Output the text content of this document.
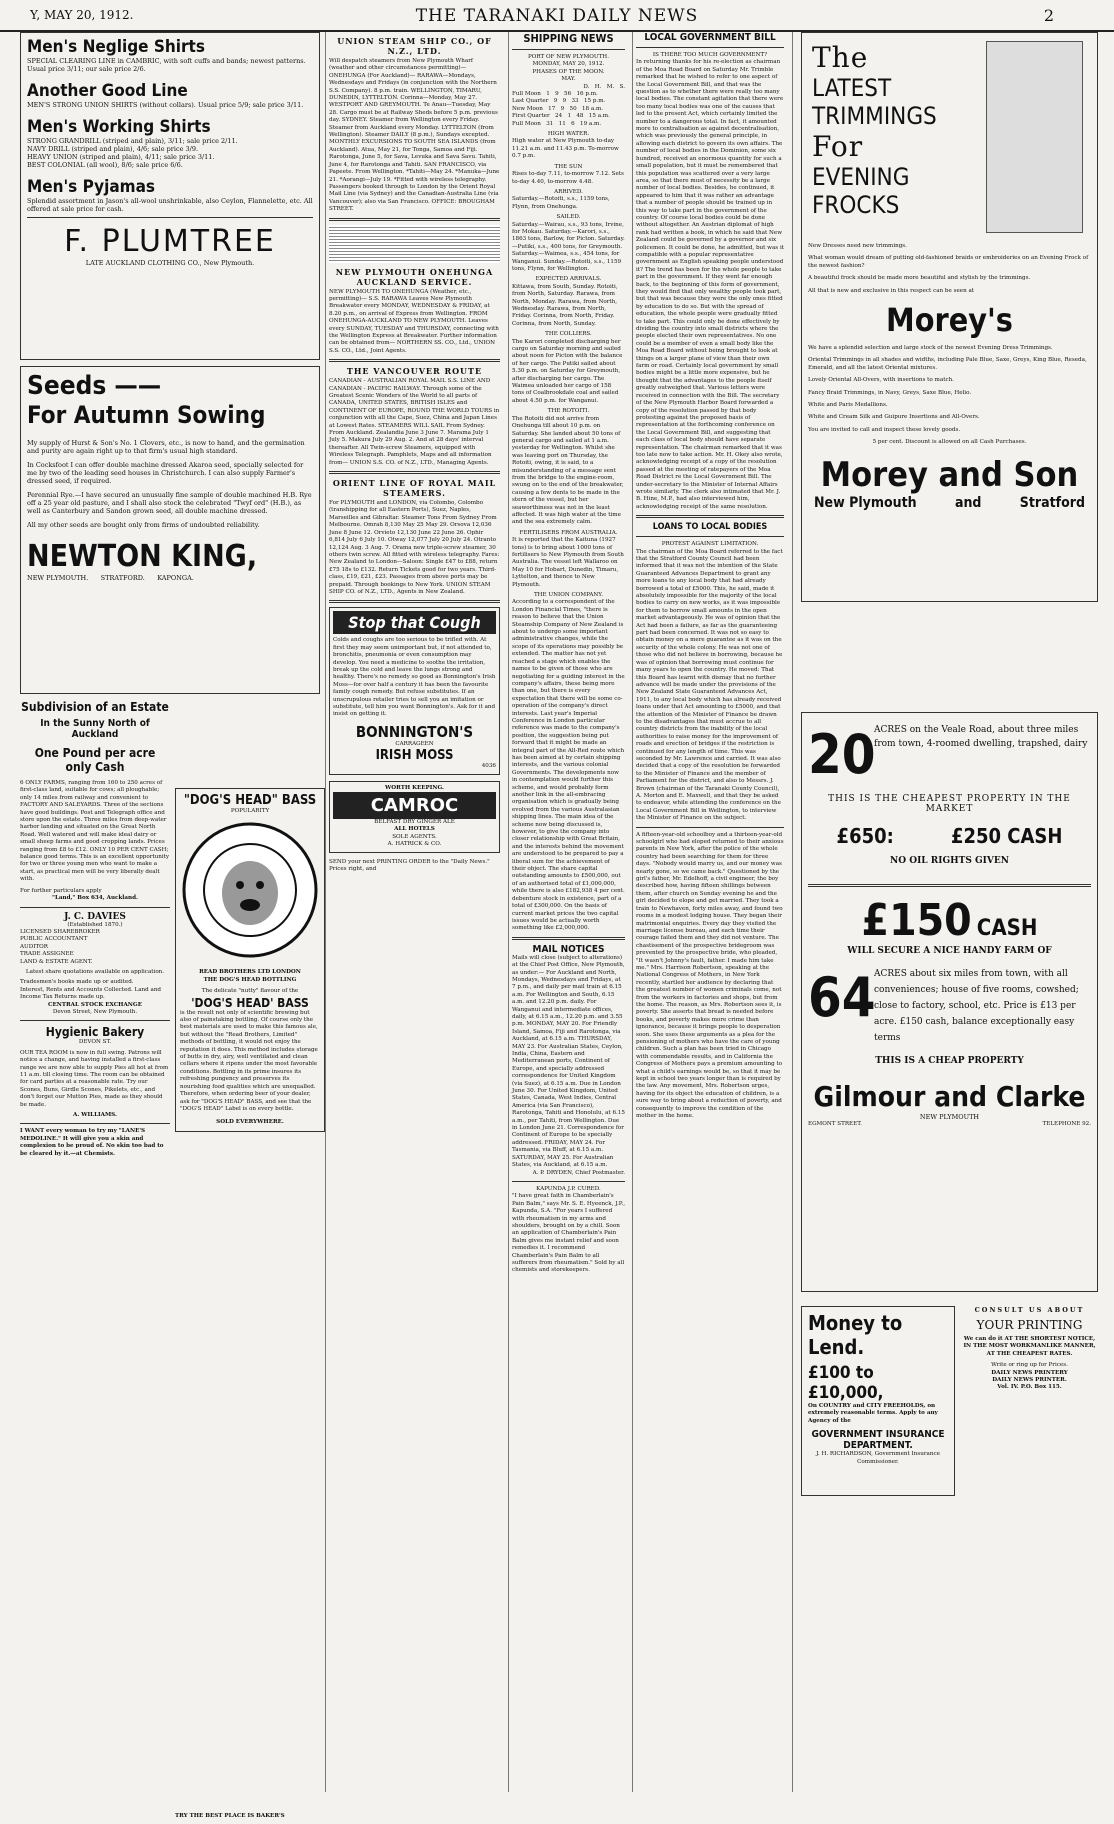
Y, MAY 20, 1912.	THE TARANAKI DAILY NEWS	2
Men's Neglige Shirts
SPECIAL CLEARING LINE in CAMBRIC, with soft cuffs and bands; newest patterns. Usual price 3/11; our sale price 2/6.
Another Good Line
MEN'S STRONG UNION SHIRTS (without collars). Usual price 5/9; sale price 3/11.
Men's Working Shirts
STRONG GRANDRILL (striped and plain), 3/11; sale price 2/11.
NAVY DRILL (striped and plain), 4/6; sale price 3/9.
HEAVY UNION (striped and plain), 4/11; sale price 3/11.
BEST COLONIAL (all wool), 8/6; sale price 6/6.
Men's Pyjamas
Splendid assortment in Jason's all-wool unshrinkable, also Ceylon, Flannelette, etc. All offered at sale price for cash.
F. PLUMTREE
LATE AUCKLAND CLOTHING CO., New Plymouth.
Seeds ——
For Autumn Sowing
My supply of Hurst & Son's No. 1 Clovers, etc., is now to hand, and the germination and purity are again right up to that firm's usual high standard.
In Cocksfoot I can offer double machine dressed Akaroa seed, specially selected for me by two of the leading seed houses in Christchurch. I can also supply Farmer's dressed seed, if required.
Perennial Rye.—I have secured an unusually fine sample of double machined H.B. Rye off a 25 year old pasture, and I shall also stock the celebrated "Twyf ord" (H.B.), as well as Canterbury and Sandon grown seed, all double machine dressed.
All my other seeds are bought only from firms of undoubted reliability.
NEWTON KING,
NEW PLYMOUTH.      STRATFORD.      KAPONGA.
Subdivision of an Estate
In the Sunny North of Auckland
One Pound per acre only Cash
6 ONLY FARMS, ranging from 160 to 250 acres of first-class land, suitable for cows; all ploughable; only 14 miles from railway and convenient to FACTORY AND SALEYARDS. Three of the sections have good buildings. Post and Telegraph office and store upon the estate. Three miles from deep-water harbor landing and situated on the Great North Road. Well watered and will make ideal dairy or small sheep farms and good cropping lands. Prices ranging from £8 to £12. ONLY 10 PER CENT CASH; balance good terms. This is an excellent opportunity for two or three young men who want to make a start, as practical men will be very liberally dealt with.
For further particulars apply
"Land," Box 634, Auckland.
J. C. DAVIES
(Established 1870.)
LICENSED SHAREBROKER
PUBLIC ACCOUNTANT
AUDITOR
TRADE ASSIGNEE
LAND & ESTATE AGENT.
Latest share quotations available on application.
Tradesmen's books made up or audited.
Interest, Rents and Accounts Collected. Land and Income Tax Returns made up.
CENTRAL STOCK EXCHANGE
Devon Street, New Plymouth.
Hygienic Bakery
DEVON ST.
OUR TEA ROOM is now in full swing. Patrons will notice a change, and having installed a first-class range we are now able to supply Pies all hot at from 11 a.m. till closing time. The room can be obtained for card parties at a reasonable rate. Try our Scones, Buns, Girdle Scones, Pikelets, etc., and don't forget our Mutton Pies, made as they should be made.
A. WILLIAMS.
I WANT every woman to try my "LANE'S MEDOLINE." It will give you a skin and complexion to be proud of. No skin too bad to be cleared by it.—at Chemists.
"DOG'S HEAD" BASS
POPULARITY
READ BROTHERS LTD LONDON
THE DOG'S HEAD BOTTLING
The delicate "nutty" flavour of the
'DOG'S HEAD' BASS
is the result not only of scientific brewing but also of painstaking bottling. Of course only the best materials are used to make this famous ale, but without the "Read Brothers, Limited" methods of bottling, it would not enjoy the reputation it does. This method includes storage of butts in dry, airy, well ventilated and clean cellars where it ripens under the most favorable conditions. Bottling in its prime insures its refreshing pungency and preserves its nourishing food qualities which are unequalled. Therefore, when ordering beer of your dealer, ask for "DOG'S HEAD" BASS, and see that the "DOG'S HEAD" Label is on every bottle.
SOLD EVERYWHERE.
TRY THE BEST PLACE IS BAKER'S
UNION STEAM SHIP CO., OF N.Z., LTD.
Will despatch steamers from New Plymouth Wharf (weather and other circumstances permitting)— ONEHUNGA (For Auckland)— RARAWA—Mondays, Wednesdays and Fridays (in conjunction with the Northern S.S. Company). 8 p.m. train. WELLINGTON, TIMARU, DUNEDIN, LYTTELTON. Corinna—Monday, May 27. WESTPORT AND GREYMOUTH. Te Anau—Tuesday, May 28. Cargo must be at Railway Sheds before 5 p.m. previous day. SYDNEY. Steamer from Wellington every Friday. Steamer from Auckland every Monday. LYTTELTON (from Wellington). Steamer DAILY (8 p.m.), Sundays excepted. MONTHLY EXCURSIONS TO SOUTH SEA ISLANDS (from Auckland). Atua, May 21, for Tonga, Samoa and Fiji. Rarotonga, June 5, for Sava, Levuka and Sava Savu. Tahiti, June 4, for Rarotonga and Tahiti. SAN FRANCISCO, via Papeete. From Wellington. *Tahiti—May 24. *Manuka—June 21. *Aorangi—July 19. *Fitted with wireless telegraphy. Passengers booked through to London by the Orient Royal Mail Line (via Sydney) and the Canadian-Australia Line (via Vancouver); also via San Francisco. OFFICE: BROUGHAM STREET.
NEW PLYMOUTH ONEHUNGA AUCKLAND SERVICE.
NEW PLYMOUTH TO ONEHUNGA (Weather, etc., permitting)— S.S. RARAWA Leaves New Plymouth Breakwater every MONDAY, WEDNESDAY & FRIDAY, at 8.20 p.m., on arrival of Express from Wellington. FROM ONEHUNGA-AUCKLAND TO NEW PLYMOUTH. Leaves every SUNDAY, TUESDAY and THURSDAY, connecting with the Wellington Express at Breakwater. Further information can be obtained from— NORTHERN SS. CO., Ltd., UNION S.S. CO., Ltd., Joint Agents.
THE VANCOUVER ROUTE
CANADIAN - AUSTRALIAN ROYAL MAIL S.S. LINE AND CANADIAN - PACIFIC RAILWAY. Through some of the Greatest Scenic Wonders of the World to all parts of CANADA, UNITED STATES, BRITISH ISLES and CONTINENT OF EUROPE, ROUND THE WORLD TOURS in conjunction with all the Cape, Suez, China and Japan Lines at Lowest Rates. STEAMERS WILL SAIL From Sydney. From Auckland. Zealandia June 3 June 7. Marama July 1 July 5. Makura July 29 Aug. 2. And at 28 days' interval thereafter. All Twin-screw Steamers, equipped with Wireless Telegraph. Pamphlets, Maps and all information from— UNION S.S. CO. of N.Z., LTD., Managing Agents.
ORIENT LINE OF ROYAL MAIL STEAMERS.
For PLYMOUTH and LONDON, via Colombo, Colombo (transhipping for all Eastern Ports), Suez, Naples, Marseilles and Gibraltar. Steamer Tons From Sydney From Melbourne. Omrah 8,130 May 25 May 29. Orsova 12,036 June 8 June 12. Orvieto 12,130 June 22 June 26. Ophir 6,814 July 6 July 10. Otway 12,077 July 20 July 24. Otranto 12,124 Aug. 3 Aug. 7. Orama new triple-screw steamer, 30 others twin screw. All fitted with wireless telegraphy. Fares: New Zealand to London—Saloon: Single £47 to £88, return £75 18s to £132. Return Tickets good for two years. Third-class, £19, £21, £23. Passages from above ports may be prepaid. Through bookings to New York. UNION STEAM SHIP CO. of N.Z., LTD., Agents in New Zealand.
Stop that Cough
Colds and coughs are too serious to be trifled with. At first they may seem unimportant but, if not attended to, bronchitis, pneumonia or even consumption may develop. You need a medicine to soothe the irritation, break up the cold and leave the lungs strong and healthy. There's no remedy so good as Bonnington's Irish Moss—for over half a century it has been the favourite family cough remedy. But refuse substitutes. If an unscrupulous retailer tries to sell you an imitation or substitute, tell him you want Bonnington's. Ask for it and insist on getting it.
BONNINGTON'S
CARRAGEEN
IRISH MOSS
4036
WORTH KEEPING.
CAMROC
BELFAST DRY GINGER ALE
ALL HOTELS
SOLE AGENTS.
A. HATRICK & CO.
SEND your next PRINTING ORDER to the "Daily News." Prices right, and
SHIPPING NEWS
PORT OF NEW PLYMOUTH.
MONDAY, MAY 20, 1912.
PHASES OF THE MOON.
MAY.
D.   H.   M.   S.
Full Moon   1   9   56   16 p.m.
Last Quarter   9   9   33   15 p.m.
New Moon   17   9   50   18 a.m.
First Quarter   24   1   48   15 a.m.
Full Moon   31   11   6   19 a.m.
HIGH WATER.
High water at New Plymouth to-day 11.21 a.m. and 11.43 p.m. To-morrow 0.7 p.m.
THE SUN
Rises to-day 7.11, to-morrow 7.12. Sets to-day 4.40, to-morrow 4.48.
ARRIVED.
Saturday.—Rotoiti, s.s., 1159 tons, Flynn, from Onehunga.
SAILED.
Saturday.—Wairau, s.s., 93 tons, Irvine, for Mokau. Saturday.—Karori, s.s., 1863 tons, Barlow, for Picton. Saturday.—Putiki, s.s., 400 tons, for Greymouth. Saturday.—Waimea, s.s., 454 tons, for Wanganui. Sunday.—Rotoiti, s.s., 1159 tons, Flynn, for Wellington.
EXPECTED ARRIVALS.
Kittawa, from South, Sunday. Rotoiti, from North, Saturday. Rarawa, from North, Monday. Rarawa, from North, Wednesday. Rarawa, from North, Friday. Corinna, from North, Friday. Corinna, from North, Sunday.
THE COLLIERS.
The Karori completed discharging her cargo on Saturday morning and sailed about noon for Picton with the balance of her cargo. The Putiki sailed about 5.30 p.m. on Saturday for Greymouth, after discharging her cargo. The Waimea unloaded her cargo of 158 tons of Coalbrookdale coal and sailed about 4.50 p.m. for Wanganui.
THE ROTOITI.
The Rotoiti did not arrive from Onehunga till about 10 p.m. on Saturday. She landed about 50 tons of general cargo and sailed at 1 a.m. yesterday for Wellington. Whilst she was leaving port on Thursday, the Rotoiti, owing, it is said, to a misunderstanding of a message sent from the bridge to the engine-room, swung on to the end of the breakwater, causing a few dents to be made in the stern of the vessel, but her seaworthiness was not in the least affected. It was high water at the time and the sea extremely calm.
FERTILISERS FROM AUSTRALIA.
It is reported that the Kaituna (1927 tons) is to bring about 1000 tons of fertilisers to New Plymouth from South Australia. The vessel left Wallaroo on May 10 for Hobart, Dunedin, Timaru, Lyttelton, and thence to New Plymouth.
THE UNION COMPANY.
According to a correspondent of the London Financial Times, "there is reason to believe that the Union Steamship Company of New Zealand is about to undergo some important administrative changes, while the scope of its operations may possibly be extended. The matter has not yet reached a stage which enables the names to be given of those who are negotiating for a guiding interest in the company's affairs, these being more than one, but there is every expectation that there will be some co-operation of the company's direct interests. Last year's Imperial Conference in London particular reference was made to the company's position, the suggestion being put forward that it might be made an integral part of the All-Red route which has been aimed at by certain shipping interests, and the various colonial Governments. The developments now in contemplation would further this scheme, and would probably form another link in the all-embracing organisation which is gradually being evolved from the various Australasian shipping lines. The main idea of the scheme now being discussed is, however, to give the company into closer relationship with Great Britain, and the interests behind the movement are understood to be prepared to pay a liberal sum for the achievement of their object. The share capital outstanding amounts to £500,000, out of an authorised total of £1,000,000, while there is also £182,938 4 per cent. debenture stock in existence, part of a total of £300,000. On the basis of current market prices the two capital issues would be actually worth something like £2,000,000.
MAIL NOTICES
Mails will close (subject to alterations) at the Chief Post Office, New Plymouth, as under:— For Auckland and North, Mondays, Wednesdays and Fridays, at 7 p.m., and daily per mail train at 6.15 a.m. For Wellington and South, 6.15 a.m. and 12.20 p.m. daily. For Wanganui and intermediate offices, daily, at 6.15 a.m., 12.20 p.m. and 3.55 p.m. MONDAY, MAY 20. For Friendly Island, Samoa, Fiji and Rarotonga, via Auckland, at 6.15 a.m. THURSDAY, MAY 23. For Australian States, Ceylon, India, China, Eastern and Mediterranean ports, Continent of Europe, and specially addressed correspondence for United Kingdom (via Suez), at 6.15 a.m. Due in London June 30. For United Kingdom, United States, Canada, West Indies, Central America (via San Francisco), Rarotonga, Tahiti and Honolulu, at 6.15 a.m., per Tahiti, from Wellington. Due in London June 21. Correspondence for Continent of Europe to be specially addressed. FRIDAY, MAY 24. For Tasmania, via Bluff, at 6.15 a.m. SATURDAY, MAY 25. For Australian States, via Auckland, at 6.15 a.m.
A. P. DRYDEN, Chief Postmaster.
KAPUNDA J.P. CURED.
"I have great faith in Chamberlain's Pain Balm," says Mr. S. E. Hyeenck, J.P., Kapunda, S.A. "For years I suffered with rheumatism in my arms and shoulders, brought on by a chill. Soon an application of Chamberlain's Pain Balm gives me instant relief and soon remedies it. I recommend Chamberlain's Pain Balm to all sufferers from rheumatism." Sold by all chemists and storekeepers.
LOCAL GOVERNMENT BILL
IS THERE TOO MUCH GOVERNMENT?
In returning thanks for his re-election as chairman of the Moa Road Board on Saturday Mr. Trimble remarked that he wished to refer to one aspect of the Local Government Bill, and that was the question as to whether there were really too many local bodies. The constant agitation that there were too many local bodies was one of the causes that led to the present Act, which certainly limited the number to a dangerous total. In fact, it amounted more to centralisation as against decentralisation, which was previously the general principle, in allowing each district to govern its own affairs. The number of local bodies in the Dominion, some six hundred, received an enormous quantity for such a small population, but it must be remembered that this population was scattered over a very large area, so that there must of necessity be a large number of local bodies. Besides, he continued, it appeared to him that it was rather an advantage that a number of people should be trained up in this way to take part in the government of the country. Of course local bodies could be done without altogether. An Austrian diplomat of high rank had written a book, in which he said that New Zealand could be governed by a governor and six policemen. It could be done, he admitted, but was it compatible with a popular representative government as English speaking people understood it? The trend has been for the whole people to take part in the government. If they went far enough back, to the beginning of this form of government, they would find that only wealthy people took part, but that was because they were the only ones fitted by education to do so. But with the spread of education, the whole people were gradually fitted to take part. This could only be done effectively by dividing the country into small districts where the people elected their own representatives. No one could be a member of even a small body like the Moa Road Board without being brought to look at things on a larger plane of view than their own farm or road. Certainly local government by small bodies might be a little more expensive, but he thought that the advantages to the people itself greatly outweighed that. Various letters were received in connection with the Bill. The secretary of the New Plymouth Harbor Board forwarded a copy of the resolution passed by that body protesting against the proposed basis of representation at the forthcoming conference on the Local Government Bill, and suggesting that each class of local body should have separate representation. The chairman remarked that it was too late now to take action. Mr. H. Okey also wrote, acknowledging receipt of a copy of the resolution passed at the meeting of ratepayers of the Moa Road District re the Local Government Bill. The under-secretary to the Minister of Internal Affairs wrote similarly. The clerk also intimated that Mr. J. B. Hine, M.P., had also interviewed him, acknowledging receipt of the same resolution.
LOANS TO LOCAL BODIES
PROTEST AGAINST LIMITATION.
The chairman of the Moa Board referred to the fact that the Stratford County Council had been informed that it was not the intention of the State Guaranteed Advances Department to grant any more loans to any local body that had already borrowed a total of £5000. This, he said, made it absolutely impossible for the majority of the local bodies to carry on new works, as it was impossible for them to borrow small amounts in the open market advantageously. He was of opinion that the Act had been a failure, as far as the guaranteeing part had been concerned. It was not so easy to obtain money on a mere guarantee as it was on the security of the whole colony. He was not one of those who did not believe in borrowing, because he was of opinion that borrowing must continue for many years to open the country. He moved: That this Board has learnt with dismay that no further advance will be made under the provisions of the New Zealand State Guaranteed Advances Act, 1911, to any local body which has already received loans under that Act amounting to £5000, and that the attention of the Minister of Finance be drawn to the disadvantages that must accrue to all country districts from the inability of the local authorities to raise money for the improvement of roads and erection of bridges if the restriction is continued for any length of time. This was seconded by Mr. Lawrence and carried. It was also decided that a copy of the resolution be forwarded to the Minister of Finance and the member of Parliament for the district, and also to Messrs. J. Brown (chairman of the Taranaki County Council), A. Morton and E. Maxwell, and that they be asked to endeavor, while attending the conference on the Local Government Bill in Wellington, to interview the Minister of Finance on the subject.
A fifteen-year-old schoolboy and a thirteen-year-old schoolgirl who had eloped returned to their anxious parents in New York, after the police of the whole country had been searching for them for three days. "Nobody would marry us, and our money was nearly gone, so we came back." Questioned by the girl's father, Mr. Edelhoff, a civil engineer, the boy described how, having fifteen shillings between them, after church on Sunday evening he and the girl decided to elope and get married. They took a train to Newhaven, forty miles away, and found two rooms in a modest lodging house. They began their matrimonial enquiries. Every day they visited the marriage license bureau, and each time their courage failed them and they did not venture. The chastisement of the prospective bridegroom was prevented by the prospective bride, who pleaded, "It wasn't Johnny's fault, father. I made him take me." Mrs. Harrison Robertson, speaking at the National Congress of Mothers, in New York recently, startled her audience by declaring that the greatest number of women criminals come, not from the workers in factories and shops, but from the home. The reason, as Mrs. Robertson sees it, is poverty. She asserts that bread is needed before books, and poverty makes more crime than ignorance, because it brings people to desperation soon. She uses these arguments as a plea for the pensioning of mothers who have the care of young children. Such a plan has been tried in Chicago with commendable results, and in California the Congress of Mothers pays a premium amounting to what a child's earnings would be, so that it may be kept in school two years longer than is required by the law. Any movement, Mrs. Robertson urges, having for its object the education of children, is a sure way to bring about a reduction of poverty, and consequently to improve the condition of the mother in the home.
The
LATEST TRIMMINGS
For
EVENING FROCKS
New Dresses need new trimmings.
What woman would dream of putting old-fashioned braids or embroideries on an Evening Frock of the newest fashion?
A beautiful frock should be made more beautiful and stylish by the trimmings.
All that is new and exclusive in this respect can be seen at
Morey's
We have a splendid selection and large stock of the newest Evening Dress Trimmings.
Oriental Trimmings in all shades and widths, including Pale Blue, Saxe, Greys, King Blue, Reseda, Emerald, and all the latest Oriental mixtures.
Lovely Oriental All-Overs, with insertions to match.
Fancy Braid Trimmings, in Navy, Greys, Saxe Blue, Helio.
White and Paris Medallions.
White and Cream Silk and Guipure Insertions and All-Overs.
You are invited to call and inspect these lovely goods.
5 per cent. Discount is allowed on all Cash Purchases.
Morey and Son
New Plymouth	and	Stratford
20
ACRES on the Veale Road, about three miles from town, 4-roomed dwelling, trapshed, dairy
THIS IS THE CHEAPEST PROPERTY IN THE MARKET
£650:	£250 CASH
NO OIL RIGHTS GIVEN
£150 CASH
WILL SECURE A NICE HANDY FARM OF
64
ACRES about six miles from town, with all conveniences; house of five rooms, cowshed; close to factory, school, etc. Price is £13 per acre. £150 cash, balance exceptionally easy terms
THIS IS A CHEAP PROPERTY
Gilmour and Clarke
NEW PLYMOUTH
EGMONT STREET.	TELEPHONE 92.
Money to Lend.
£100 to £10,000,
On COUNTRY and CITY FREEHOLDS, on extremely reasonable terms. Apply to any Agency of the
GOVERNMENT INSURANCE DEPARTMENT.
J. H. RICHARDSON, Government Insurance Commissioner.
CONSULT US ABOUT
YOUR PRINTING
We can do it AT THE SHORTEST NOTICE, IN THE MOST WORKMANLIKE MANNER, AT THE CHEAPEST RATES.
Write or ring up for Prices.
DAILY NEWS PRINTERY
DAILY NEWS PRINTER.
Vol. IV. P.O. Box 115.
